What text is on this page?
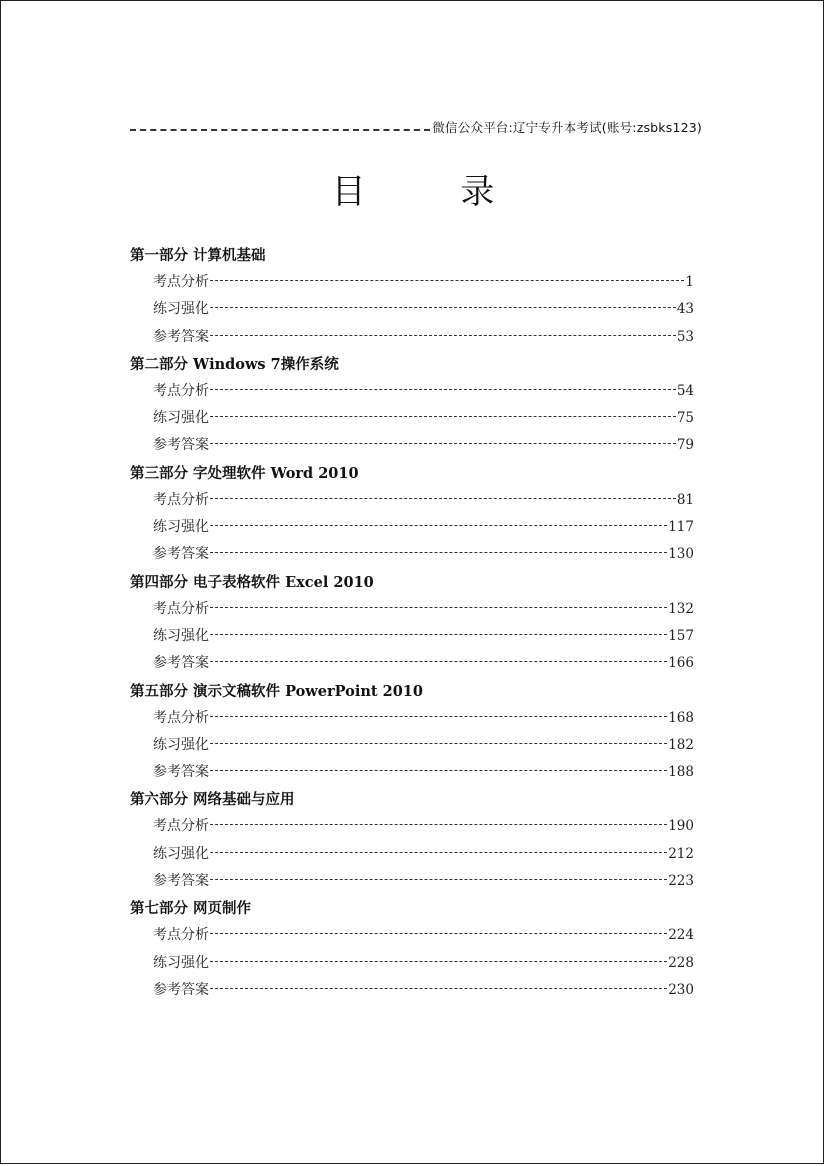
微信公众平台:辽宁专升本考试(账号:zsbks123)
目 录
第一部分 计算机基础
考点分析	1
练习强化	43
参考答案	53
第二部分 Windows 7操作系统
考点分析	54
练习强化	75
参考答案	79
第三部分 字处理软件 Word 2010
考点分析	81
练习强化	117
参考答案	130
第四部分 电子表格软件 Excel 2010
考点分析	132
练习强化	157
参考答案	166
第五部分 演示文稿软件 PowerPoint 2010
考点分析	168
练习强化	182
参考答案	188
第六部分 网络基础与应用
考点分析	190
练习强化	212
参考答案	223
第七部分 网页制作
考点分析	224
练习强化	228
参考答案	230
